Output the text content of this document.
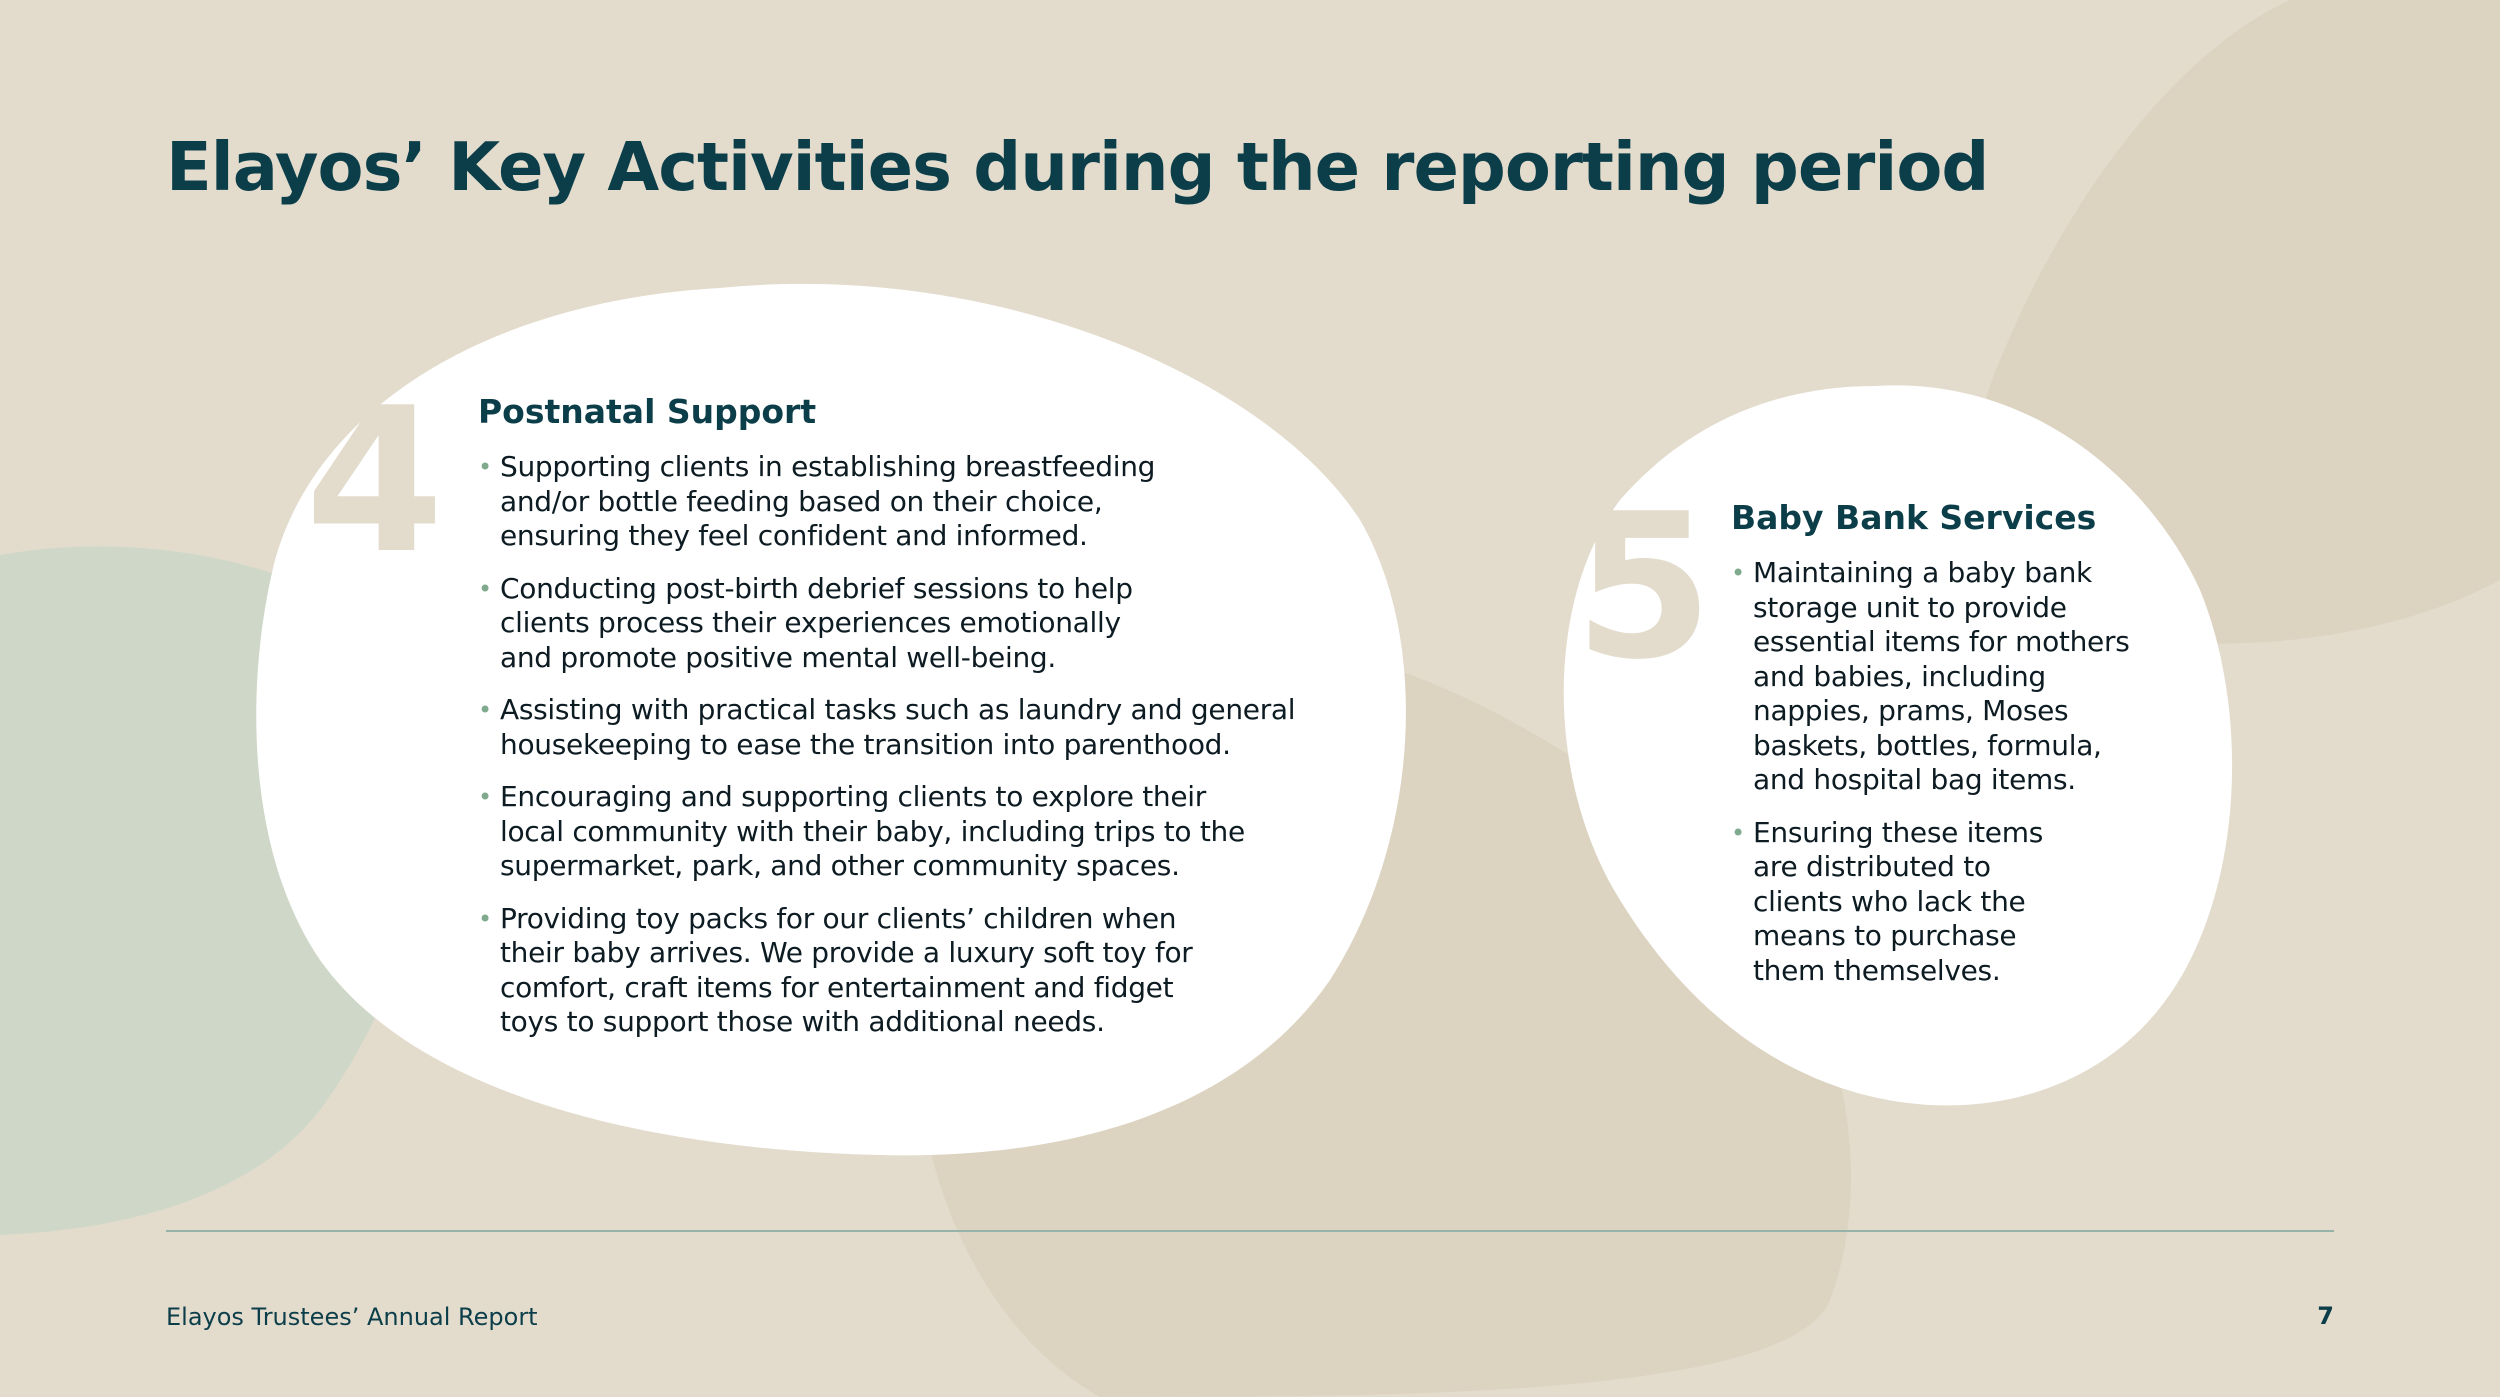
Elayos’ Key Activities during the reporting period
4 Postnatal Support
• Supporting clients in establishing breastfeeding
and/or bottle feeding based on their choice,
ensuring they feel confident and informed.
• Conducting post-birth debrief sessions to help
clients process their experiences emotionally
and promote positive mental well-being.
• Assisting with practical tasks such as laundry and general
housekeeping to ease the transition into parenthood.
• Encouraging and supporting clients to explore their
local community with their baby, including trips to the
supermarket, park, and other community spaces.
• Providing toy packs for our clients’ children when
their baby arrives. We provide a luxury soft toy for
comfort, craft items for entertainment and fidget
toys to support those with additional needs.
5 Baby Bank Services
• Maintaining a baby bank
storage unit to provide
essential items for mothers
and babies, including
nappies, prams, Moses
baskets, bottles, formula,
and hospital bag items.
• Ensuring these items
are distributed to
clients who lack the
means to purchase
them themselves.
Elayos Trustees’ Annual Report	7
